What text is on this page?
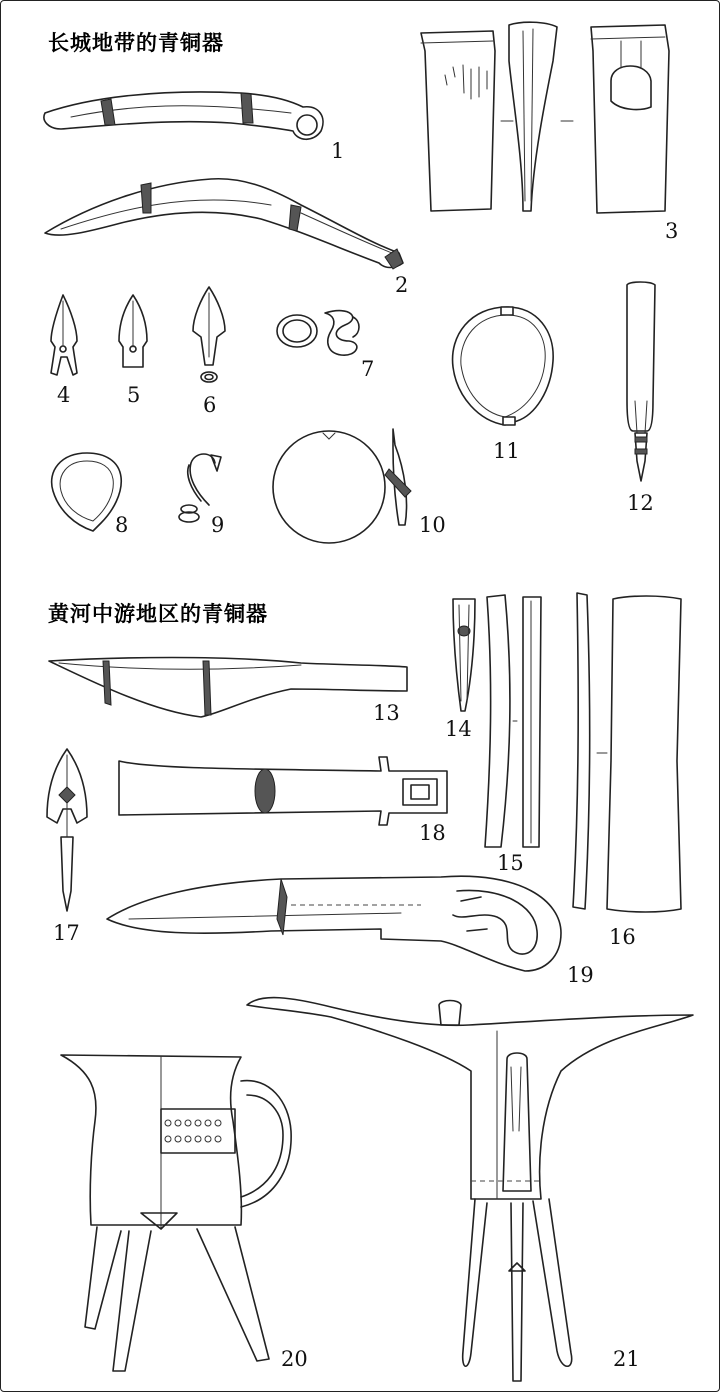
长城地带的青铜器
黄河中游地区的青铜器
1
2
3
4	5	6
7
8	9	10
11
12
13
14
15
16
17
18
19
20	21
